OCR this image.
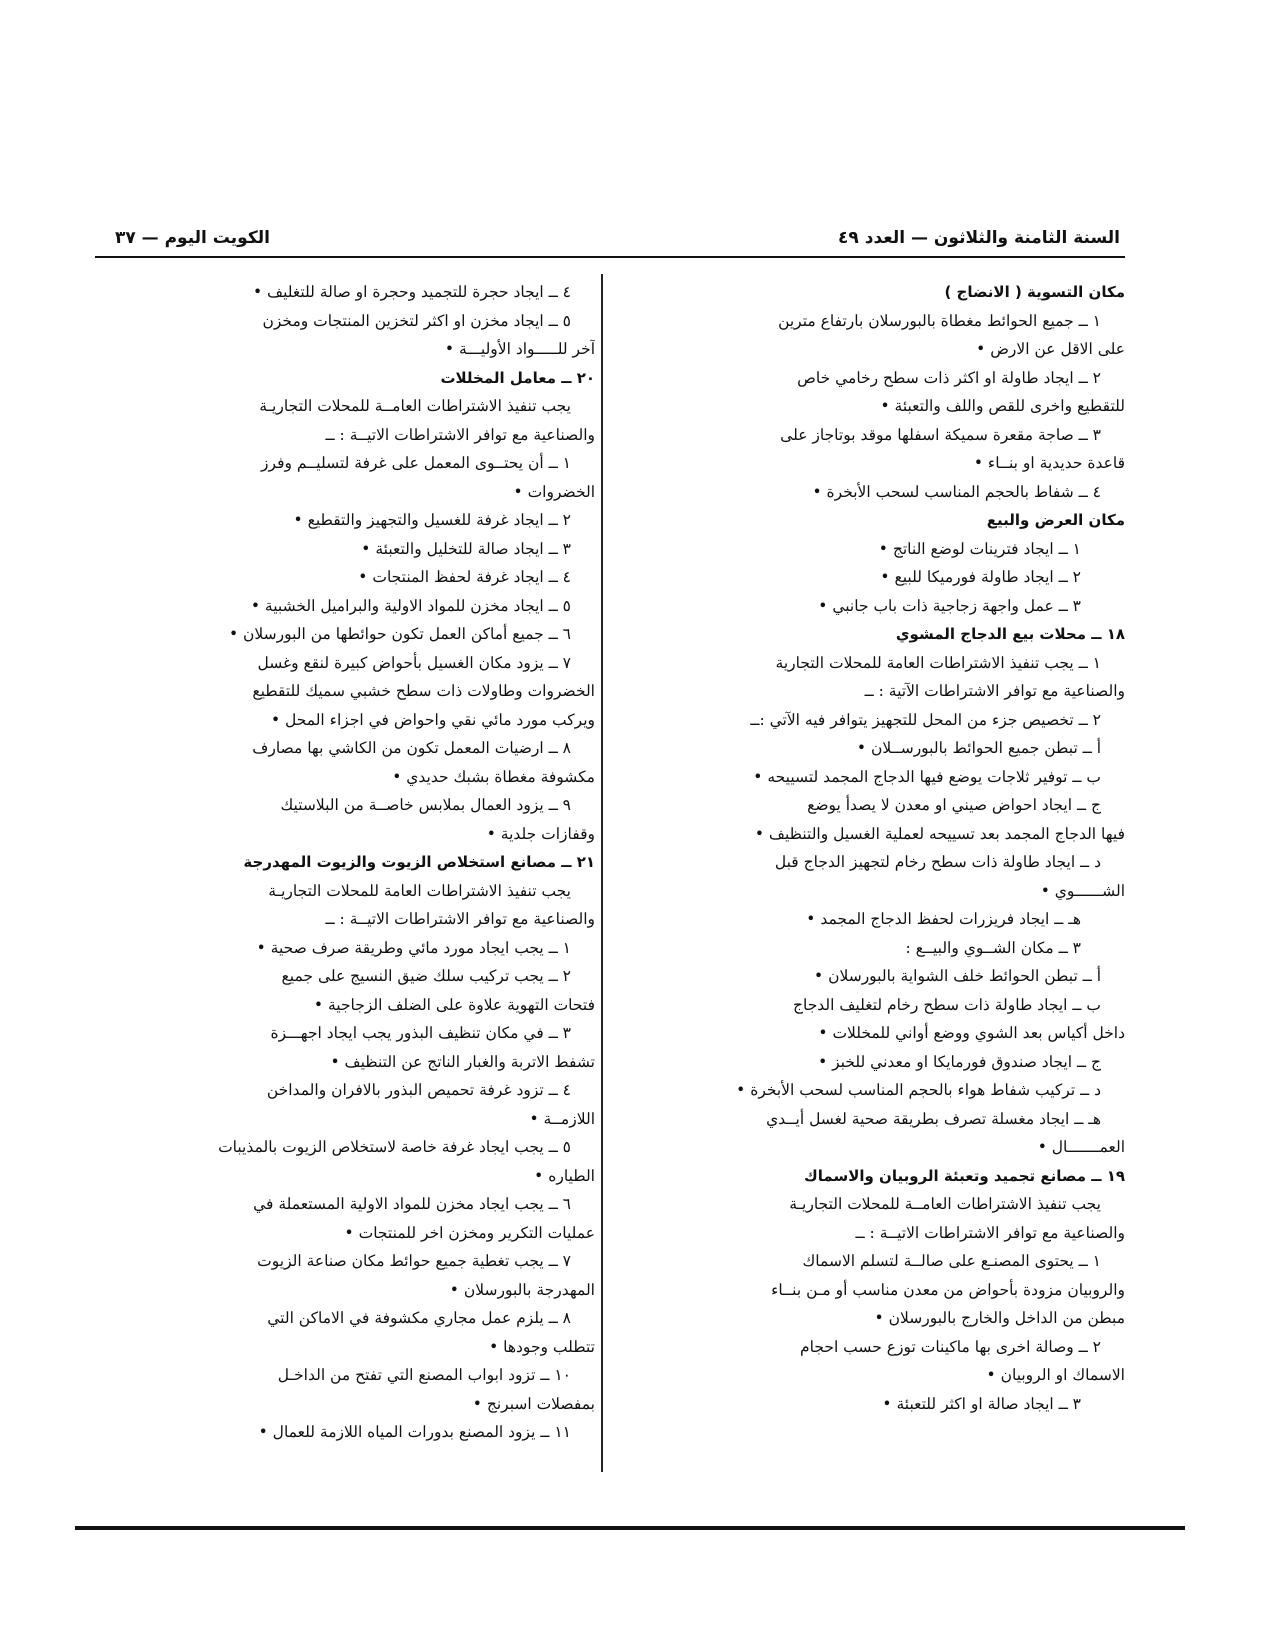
السنة الثامنة والثلاثون — العدد ٤٩
الكويت اليوم — ٣٧
مكان التسوية ( الانضاج )
١ ــ جميع الحوائط مغطاة بالبورسلان بارتفاع مترين
على الاقل عن الارض •
٢ ــ ايجاد طاولة او اكثر ذات سطح رخامي خاص
للتقطيع واخرى للقص واللف والتعبئة •
٣ ــ صاجة مقعرة سميكة اسفلها موقد بوتاجاز على
قاعدة حديدية او بنــاء •
٤ ــ شفاط بالحجم المناسب لسحب الأبخرة •
مكان العرض والبيع
١ ــ ايجاد فترينات لوضع الناتج •
٢ ــ ايجاد طاولة فورميكا للبيع •
٣ ــ عمل واجهة زجاجية ذات باب جانبي •
١٨ ــ محلات بيع الدجاج المشوي
١ ــ يجب تنفيذ الاشتراطات العامة للمحلات التجارية
والصناعية مع توافر الاشتراطات الآتية : ــ
٢ ــ تخصيص جزء من المحل للتجهيز يتوافر فيه الآتي :ــ
أ ــ تبطن جميع الحوائط بالبورســلان •
ب ــ توفير ثلاجات يوضع فيها الدجاج المجمد لتسييحه •
ج ــ ايجاد احواض صيني او معدن لا يصدأ يوضع
فيها الدجاج المجمد بعد تسييحه لعملية الغسيل والتنظيف •
د ــ ايجاد طاولة ذات سطح رخام لتجهيز الدجاج قبل
الشــــــوي •
هـ ــ ايجاد فريزرات لحفظ الدجاج المجمد •
٣ ــ مكان الشــوي والبيــع :
أ ــ تبطن الحوائط خلف الشواية بالبورسلان •
ب ــ ايجاد طاولة ذات سطح رخام لتغليف الدجاج
داخل أكياس بعد الشوي ووضع أواني للمخللات •
ج ــ ايجاد صندوق فورمايكا او معدني للخبز •
د ــ تركيب شفاط هواء بالحجم المناسب لسحب الأبخرة •
هـ ــ ايجاد مغسلة تصرف بطريقة صحية لغسل أيــدي
العمـــــــال •
١٩ ــ مصانع تجميد وتعبئة الروبيان والاسماك
يجب تنفيذ الاشتراطات العامــة للمحلات التجاريـة
والصناعية مع توافر الاشتراطات الاتيــة : ــ
١ ــ يحتوى المصنـع على صالــة لتسلم الاسماك
والروبيان مزودة بأحواض من معدن مناسب أو مـن بنــاء
مبطن من الداخل والخارج بالبورسلان •
٢ ــ وصالة اخرى بها ماكينات توزع حسب احجام
الاسماك او الروبيان •
٣ ــ ايجاد صالة او اكثر للتعبئة •
٤ ــ ايجاد حجرة للتجميد وحجرة او صالة للتغليف •
٥ ــ ايجاد مخزن او اكثر لتخزين المنتجات ومخزن
آخر للـــــواد الأوليـــة •
٢٠ ــ معامل المخللات
يجب تنفيذ الاشتراطات العامــة للمحلات التجاريـة
والصناعية مع توافر الاشتراطات الاتيــة : ــ
١ ــ أن يحتــوى المعمل على غرفة لتسليــم وفرز
الخضروات •
٢ ــ ايجاد غرفة للغسيل والتجهيز والتقطيع •
٣ ــ ايجاد صالة للتخليل والتعبئة •
٤ ــ ايجاد غرفة لحفظ المنتجات •
٥ ــ ايجاد مخزن للمواد الاولية والبراميل الخشبية •
٦ ــ جميع أماكن العمل تكون حوائطها من البورسلان •
٧ ــ يزود مكان الغسيل بأحواض كبيرة لنقع وغسل
الخضروات وطاولات ذات سطح خشبي سميك للتقطيع
ويركب مورد مائي نقي واحواض في اجزاء المحل •
٨ ــ ارضيات المعمل تكون من الكاشي بها مصارف
مكشوفة مغطاة بشبك حديدي •
٩ ــ يزود العمال بملابس خاصــة من البلاستيك
وقفازات جلدية •
٢١ ــ مصانع استخلاص الزيوت والزيوت المهدرجة
يجب تنفيذ الاشتراطات العامة للمحلات التجاريـة
والصناعية مع توافر الاشتراطات الاتيــة : ــ
١ ــ يجب ايجاد مورد مائي وطريقة صرف صحية •
٢ ــ يجب تركيب سلك ضيق النسيج على جميع
فتحات التهوية علاوة على الضلف الزجاجية •
٣ ــ في مكان تنظيف البذور يجب ايجاد اجهـــزة
تشفط الاتربة والغبار الناتج عن التنظيف •
٤ ــ تزود غرفة تحميص البذور بالافران والمداخن
اللازمــة •
٥ ــ يجب ايجاد غرفة خاصة لاستخلاص الزيوت بالمذيبات
الطياره •
٦ ــ يجب ايجاد مخزن للمواد الاولية المستعملة في
عمليات التكرير ومخزن اخر للمنتجات •
٧ ــ يجب تغطية جميع حوائط مكان صناعة الزيوت
المهدرجة بالبورسلان •
٨ ــ يلزم عمل مجاري مكشوفة في الاماكن التي
تتطلب وجودها •
١٠ ــ تزود ابواب المصنع التي تفتح من الداخـل
بمفصلات اسبرنج •
١١ ــ يزود المصنع بدورات المياه اللازمة للعمال •
